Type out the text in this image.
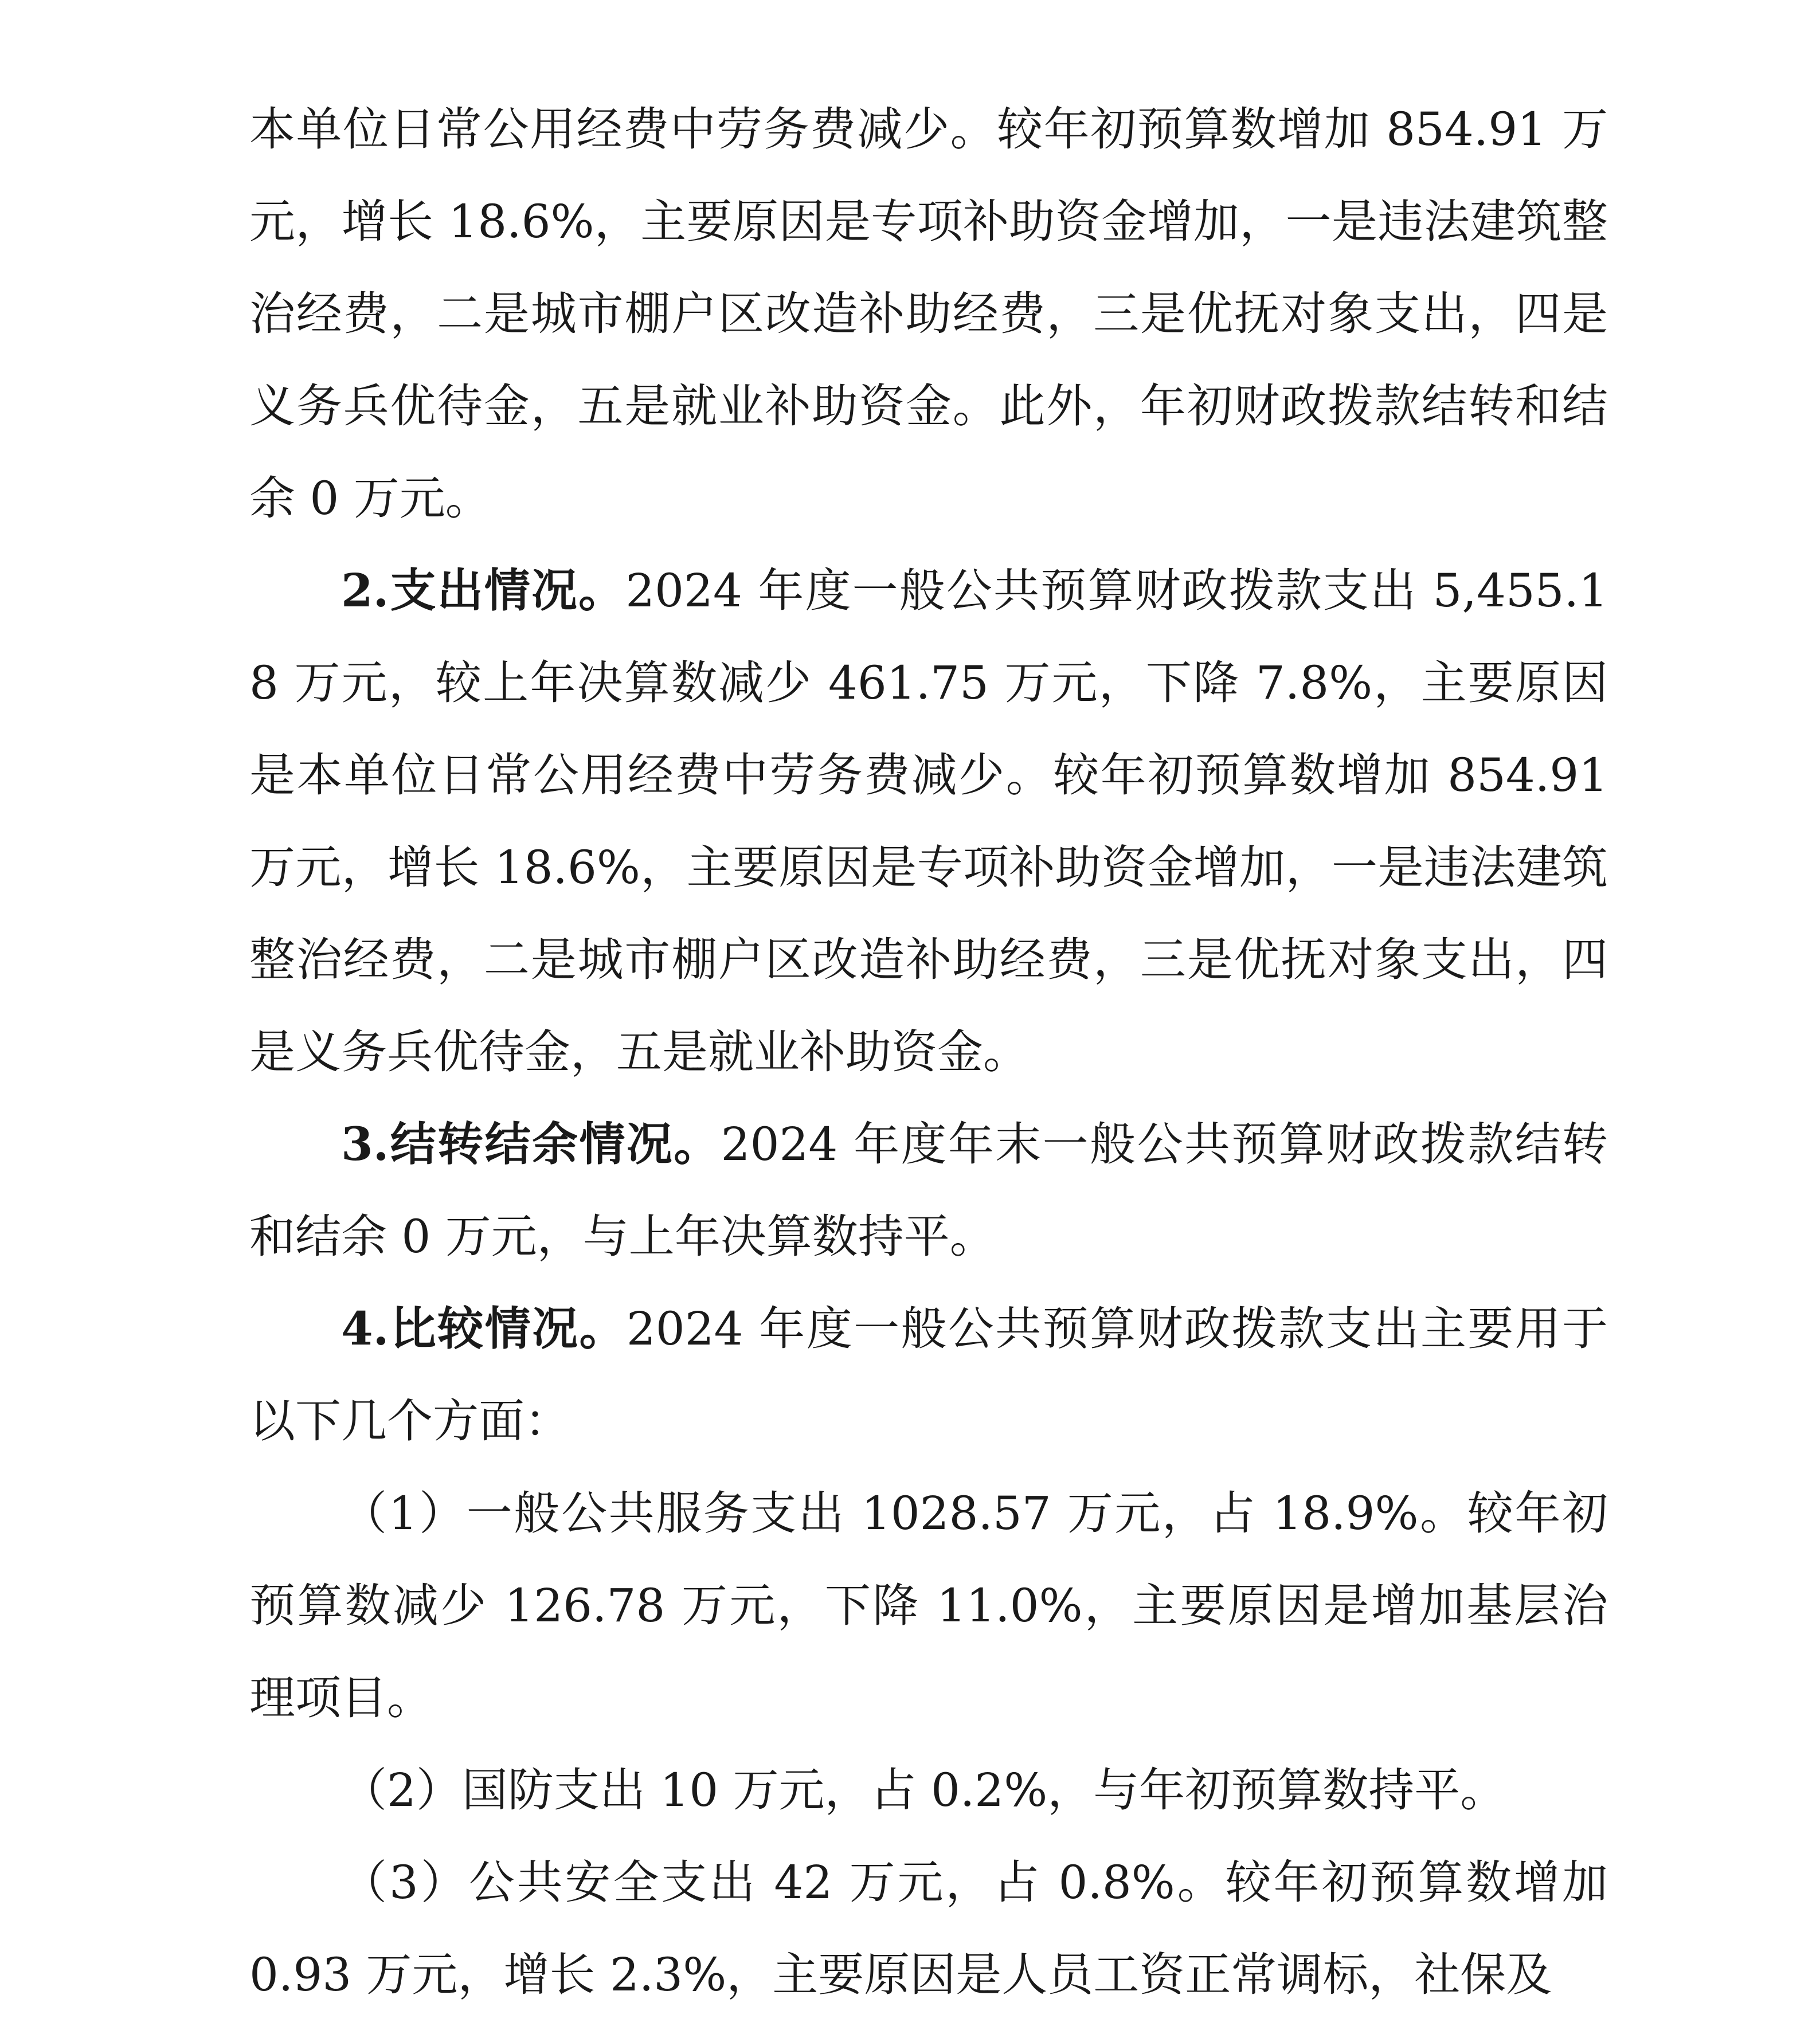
本单位日常公用经费中劳务费减少。较年初预算数增加 854.91 万元，增长 18.6%，主要原因是专项补助资金增加，一是违法建筑整治经费，二是城市棚户区改造补助经费，三是优抚对象支出，四是义务兵优待金，五是就业补助资金。此外，年初财政拨款结转和结余 0 万元。

2.支出情况。2024 年度一般公共预算财政拨款支出 5,455.18 万元，较上年决算数减少 461.75 万元，下降 7.8%，主要原因是本单位日常公用经费中劳务费减少。较年初预算数增加 854.91 万元，增长 18.6%，主要原因是专项补助资金增加，一是违法建筑整治经费，二是城市棚户区改造补助经费，三是优抚对象支出，四是义务兵优待金，五是就业补助资金。

3.结转结余情况。2024 年度年末一般公共预算财政拨款结转和结余 0 万元，与上年决算数持平。

4.比较情况。2024 年度一般公共预算财政拨款支出主要用于以下几个方面：

（1）一般公共服务支出 1028.57 万元，占 18.9%。较年初预算数减少 126.78 万元，下降 11.0%，主要原因是增加基层治理项目。

（2）国防支出 10 万元，占 0.2%，与年初预算数持平。

（3）公共安全支出 42 万元，占 0.8%。较年初预算数增加 0.93 万元，增长 2.3%，主要原因是人员工资正常调标，社保及
